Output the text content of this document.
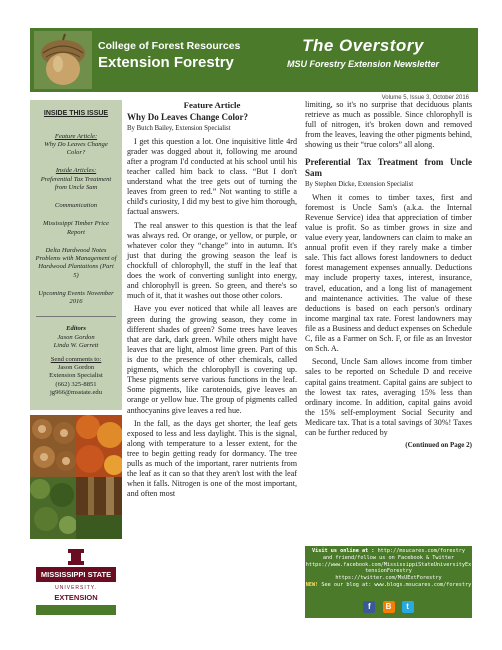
College of Forest Resources
Extension Forestry
The Overstory
MSU Forestry Extension Newsletter
Volume 5, Issue 3, October 2016
INSIDE THIS ISSUE
Feature Article:
Why Do Leaves Change Color?
Inside Articles:
Preferential Tax Treatment from Uncle Sam
Communication
Mississippi Timber Price Report
Delta Hardwood Notes Problems with Management of Hardwood Plantations (Part 5)
Upcoming Events November 2016
Editors
Jason Gordon
Linda W. Garrett
Send comments to:
Jason Gordon
Extension Specialist
(662) 325-8851
jg966@msstate.edu
MISSISSIPPI STATE
UNIVERSITY.
EXTENSION
Feature Article
Why Do Leaves Change Color?
By Butch Bailey, Extension Specialist

I get this question a lot. One inquisitive little 4rd grader was dogged about it, following me around after a program I'd conducted at his school until his teacher called him back to class. “But I don't understand what the tree gets out of turning the leaves from green to red.” Not wanting to stifle a child's curiosity, I did my best to give him thorough, factual answers.

The real answer to this question is that the leaf was always red. Or orange, or yellow, or purple, or whatever color they “change” into in autumn. It's just that during the growing season the leaf is chockfull of chlorophyll, the stuff in the leaf that does the work of converting sunlight into energy, and chlorophyll is green. So green, and there's so much of it, that it washes out those other colors.

Have you ever noticed that while all leaves are green during the growing season, they come in different shades of green? Some trees have leaves that are dark, dark green. While others might have leaves that are light, almost lime green. Part of this is due to the presence of other chemicals, called pigments, which the chlorophyll is covering up. These pigments serve various functions in the leaf. Some pigments, like carotenoids, give leaves an orange or yellow hue. The group of pigments called anthocyanins give leaves a red hue.

In the fall, as the days get shorter, the leaf gets exposed to less and less daylight. This is the signal, along with temperature to a lesser extent, for the tree to begin getting ready for dormancy. The tree pulls as much of the important, rarer nutrients from the leaf as it can so that they aren't lost with the leaf when it falls. Nitrogen is one of the most important, and often most

limiting, so it's no surprise that deciduous plants retrieve as much as possible. Since chlorophyll is full of nitrogen, it's broken down and removed from the leaves, leaving the other pigments behind, showing us their “true colors” all along.

Preferential Tax Treatment from Uncle Sam
By Stephen Dicke, Extension Specialist

When it comes to timber taxes, first and foremost is Uncle Sam's (a.k.a. the Internal Revenue Service) idea that appreciation of timber value is profit. So as timber grows in size and value every year, landowners can claim to make an annual profit even if they rarely make a timber sale. This fact allows forest landowners to deduct forest management expenses annually. Deductions may include property taxes, interest, insurance, travel, education, and a long list of management and maintenance activities. The value of these deductions is based on each person's ordinary income marginal tax rate. Forest landowners may file as a Business and deduct expenses on Schedule C, file as a Farmer on Sch. F, or file as an Investor on Sch. A.

Second, Uncle Sam allows income from timber sales to be reported on Schedule D and receive capital gains treatment. Capital gains are subject to the lowest tax rates, averaging 15% less than ordinary income. In addition, capital gains avoid the 15% self-employment Social Security and Medicare tax. That is a total savings of 30%! Taxes can be further reduced by

(Continued on Page 2)
Visit us online at : http://msucares.com/forestry
and friend/follow us on Facebook & Twitter
https://www.facebook.com/MississippiStateUniversityExtensionForestry
https://twitter.com/MsUExtForestry
NEW! See our blog at: www.blogs.msucares.com/forestry
f B t
